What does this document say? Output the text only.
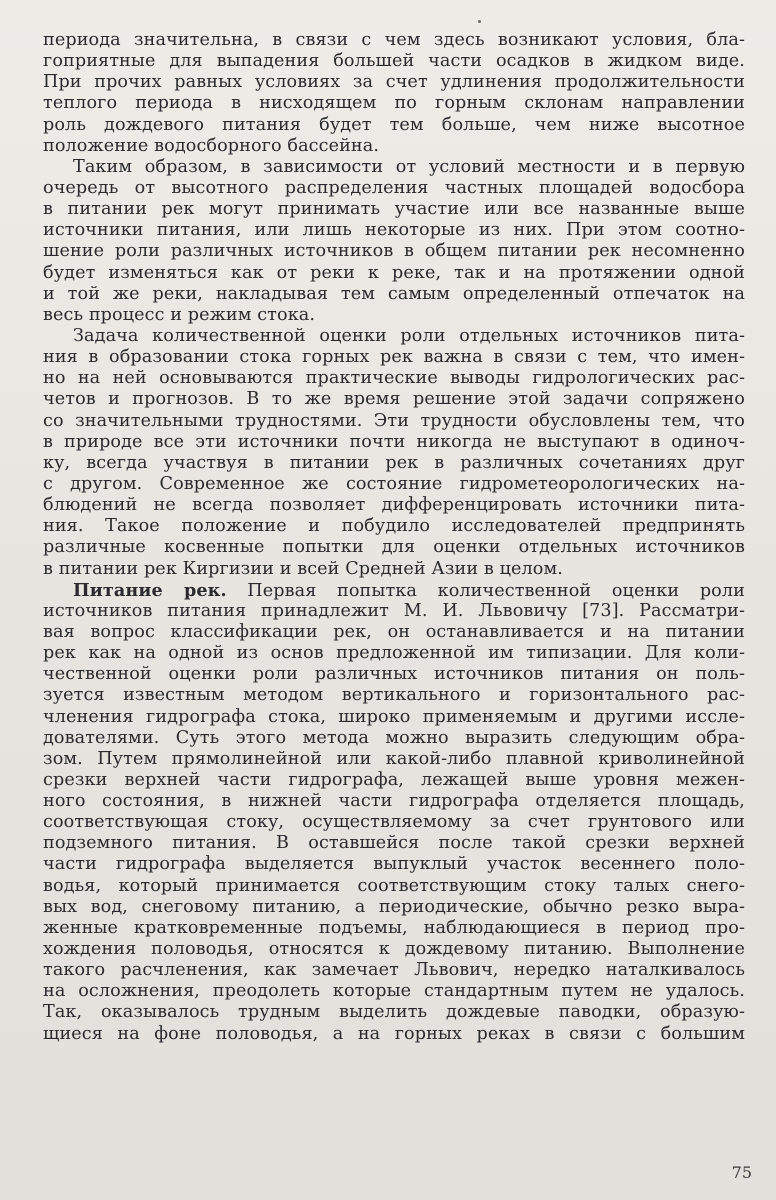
периода значительна, в связи с чем здесь возникают условия, бла-
гоприятные для выпадения большей части осадков в жидком виде.
При прочих равных условиях за счет удлинения продолжительности
теплого периода в нисходящем по горным склонам направлении
роль дождевого питания будет тем больше, чем ниже высотное
положение водосборного бассейна.
Таким образом, в зависимости от условий местности и в первую
очередь от высотного распределения частных площадей водосбора
в питании рек могут принимать участие или все названные выше
источники питания, или лишь некоторые из них. При этом соотно-
шение роли различных источников в общем питании рек несомненно
будет изменяться как от реки к реке, так и на протяжении одной
и той же реки, накладывая тем самым определенный отпечаток на
весь процесс и режим стока.
Задача количественной оценки роли отдельных источников пита-
ния в образовании стока горных рек важна в связи с тем, что имен-
но на ней основываются практические выводы гидрологических рас-
четов и прогнозов. В то же время решение этой задачи сопряжено
со значительными трудностями. Эти трудности обусловлены тем, что
в природе все эти источники почти никогда не выступают в одиноч-
ку, всегда участвуя в питании рек в различных сочетаниях друг
с другом. Современное же состояние гидрометеорологических на-
блюдений не всегда позволяет дифференцировать источники пита-
ния. Такое положение и побудило исследователей предпринять
различные косвенные попытки для оценки отдельных источников
в питании рек Киргизии и всей Средней Азии в целом.
Питание рек. Первая попытка количественной оценки роли
источников питания принадлежит М. И. Львовичу [73]. Рассматри-
вая вопрос классификации рек, он останавливается и на питании
рек как на одной из основ предложенной им типизации. Для коли-
чественной оценки роли различных источников питания он поль-
зуется известным методом вертикального и горизонтального рас-
членения гидрографа стока, широко применяемым и другими иссле-
дователями. Суть этого метода можно выразить следующим обра-
зом. Путем прямолинейной или какой-либо плавной криволинейной
срезки верхней части гидрографа, лежащей выше уровня межен-
ного состояния, в нижней части гидрографа отделяется площадь,
соответствующая стоку, осуществляемому за счет грунтового или
подземного питания. В оставшейся после такой срезки верхней
части гидрографа выделяется выпуклый участок весеннего поло-
водья, который принимается соответствующим стоку талых снего-
вых вод, снеговому питанию, а периодические, обычно резко выра-
женные кратковременные подъемы, наблюдающиеся в период про-
хождения половодья, относятся к дождевому питанию. Выполнение
такого расчленения, как замечает Львович, нередко наталкивалось
на осложнения, преодолеть которые стандартным путем не удалось.
Так, оказывалось трудным выделить дождевые паводки, образую-
щиеся на фоне половодья, а на горных реках в связи с большим
75
